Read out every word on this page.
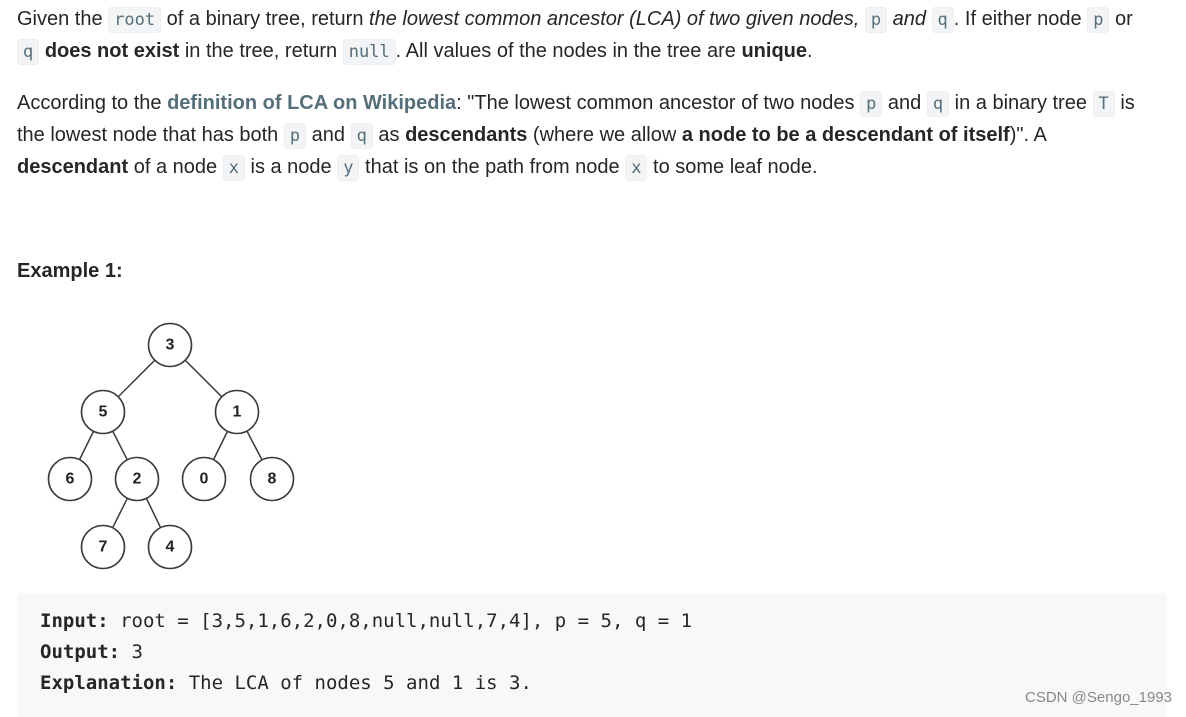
Given the root of a binary tree, return the lowest common ancestor (LCA) of two given nodes, p and q . If either node p or q does not exist in the tree, return null . All values of the nodes in the tree are unique.

According to the definition of LCA on Wikipedia: "The lowest common ancestor of two nodes p and q in a binary tree T is the lowest node that has both p and q as descendants (where we allow a node to be a descendant of itself)". A descendant of a node x is a node y that is on the path from node x to some leaf node.

Example 1:
3
5	1
6	2	0	8
7	4

Input: root = [3,5,1,6,2,0,8,null,null,7,4], p = 5, q = 1

Output: 3

Explanation: The LCA of nodes 5 and 1 is 3.

CSDN @Sengo_1993
